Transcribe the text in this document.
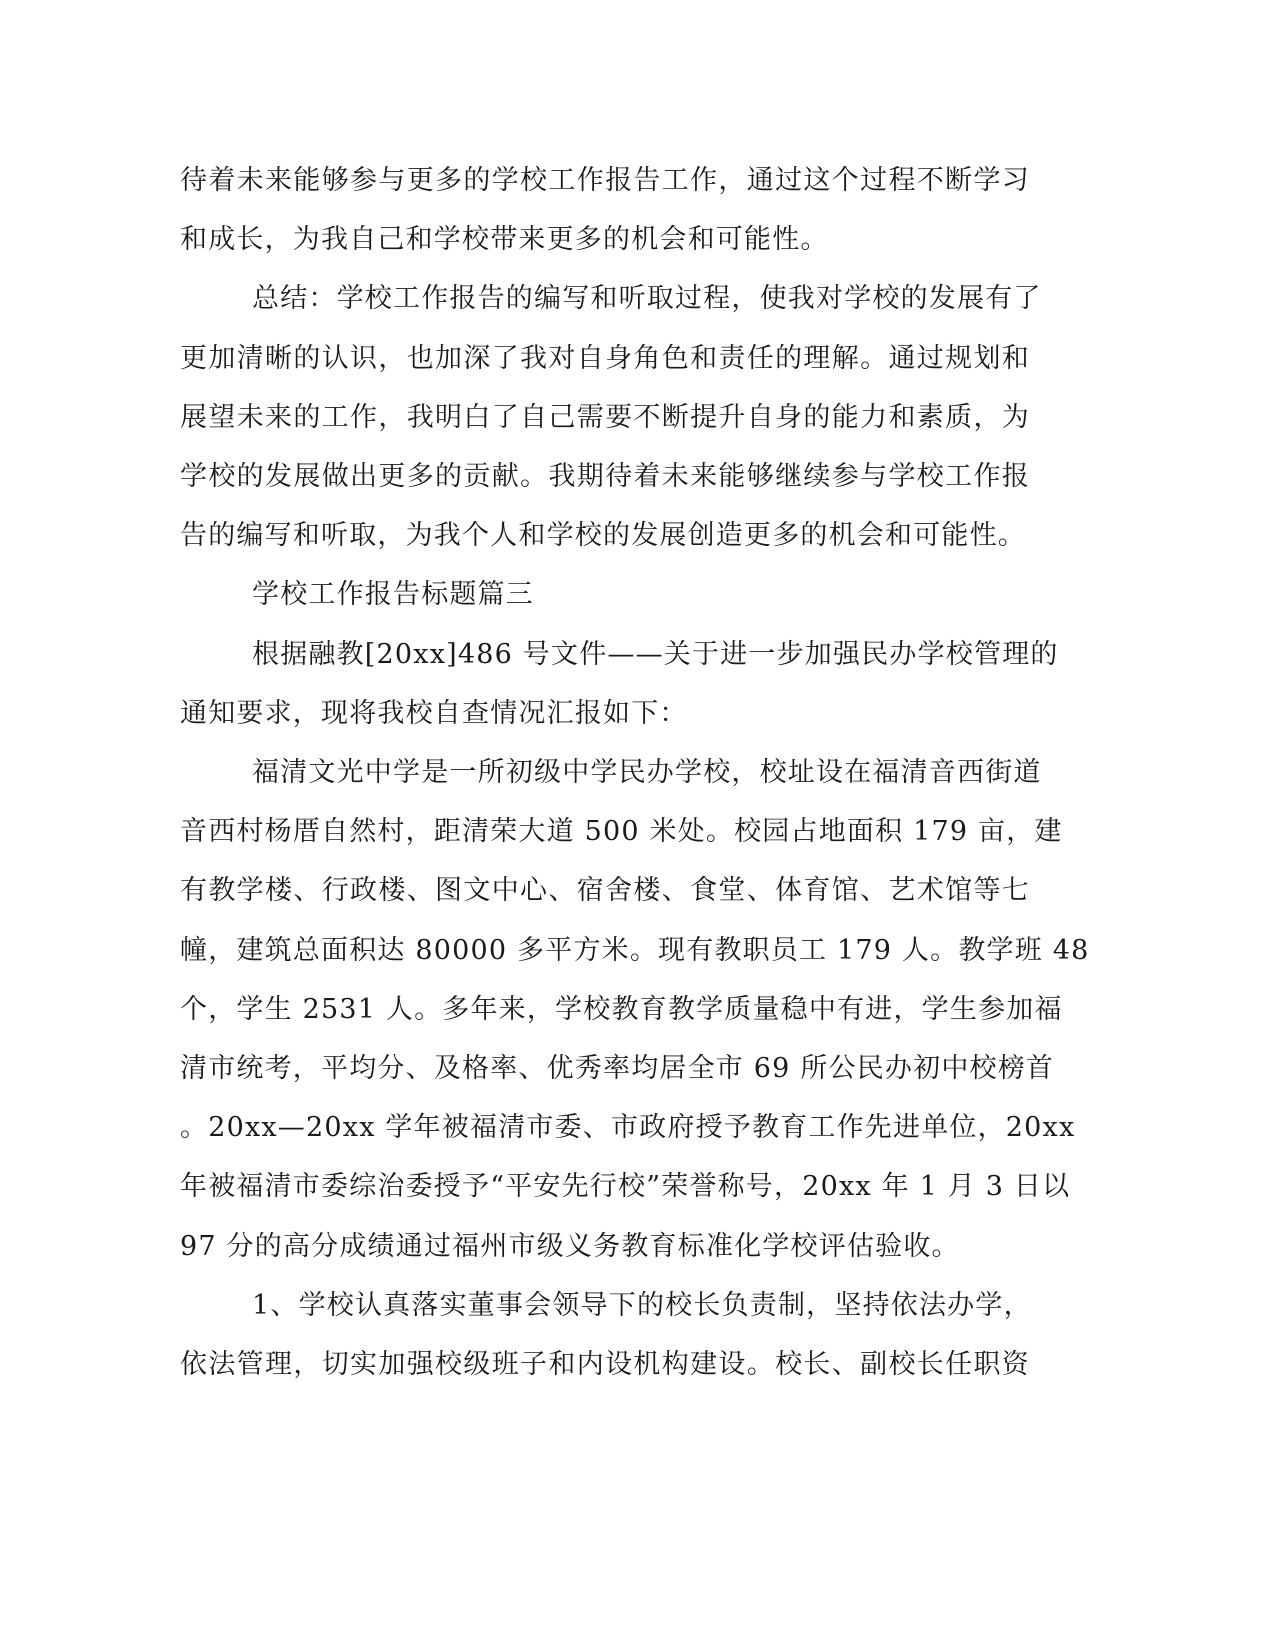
待着未来能够参与更多的学校工作报告工作，通过这个过程不断学习
和成长，为我自己和学校带来更多的机会和可能性。
总结：学校工作报告的编写和听取过程，使我对学校的发展有了
更加清晰的认识，也加深了我对自身角色和责任的理解。通过规划和
展望未来的工作，我明白了自己需要不断提升自身的能力和素质，为
学校的发展做出更多的贡献。我期待着未来能够继续参与学校工作报
告的编写和听取，为我个人和学校的发展创造更多的机会和可能性。
学校工作报告标题篇三
根据融教[20xx]486 号文件——关于进一步加强民办学校管理的
通知要求，现将我校自查情况汇报如下：
福清文光中学是一所初级中学民办学校，校址设在福清音西街道
音西村杨厝自然村，距清荣大道 500 米处。校园占地面积 179 亩，建
有教学楼、行政楼、图文中心、宿舍楼、食堂、体育馆、艺术馆等七
幢，建筑总面积达 80000 多平方米。现有教职员工 179 人。教学班 48
个，学生 2531 人。多年来，学校教育教学质量稳中有进，学生参加福
清市统考，平均分、及格率、优秀率均居全市 69 所公民办初中校榜首
。20xx—20xx 学年被福清市委、市政府授予教育工作先进单位，20xx
年被福清市委综治委授予“平安先行校”荣誉称号，20xx 年 1 月 3 日以
97 分的高分成绩通过福州市级义务教育标准化学校评估验收。
1、学校认真落实董事会领导下的校长负责制，坚持依法办学，
依法管理，切实加强校级班子和内设机构建设。校长、副校长任职资
